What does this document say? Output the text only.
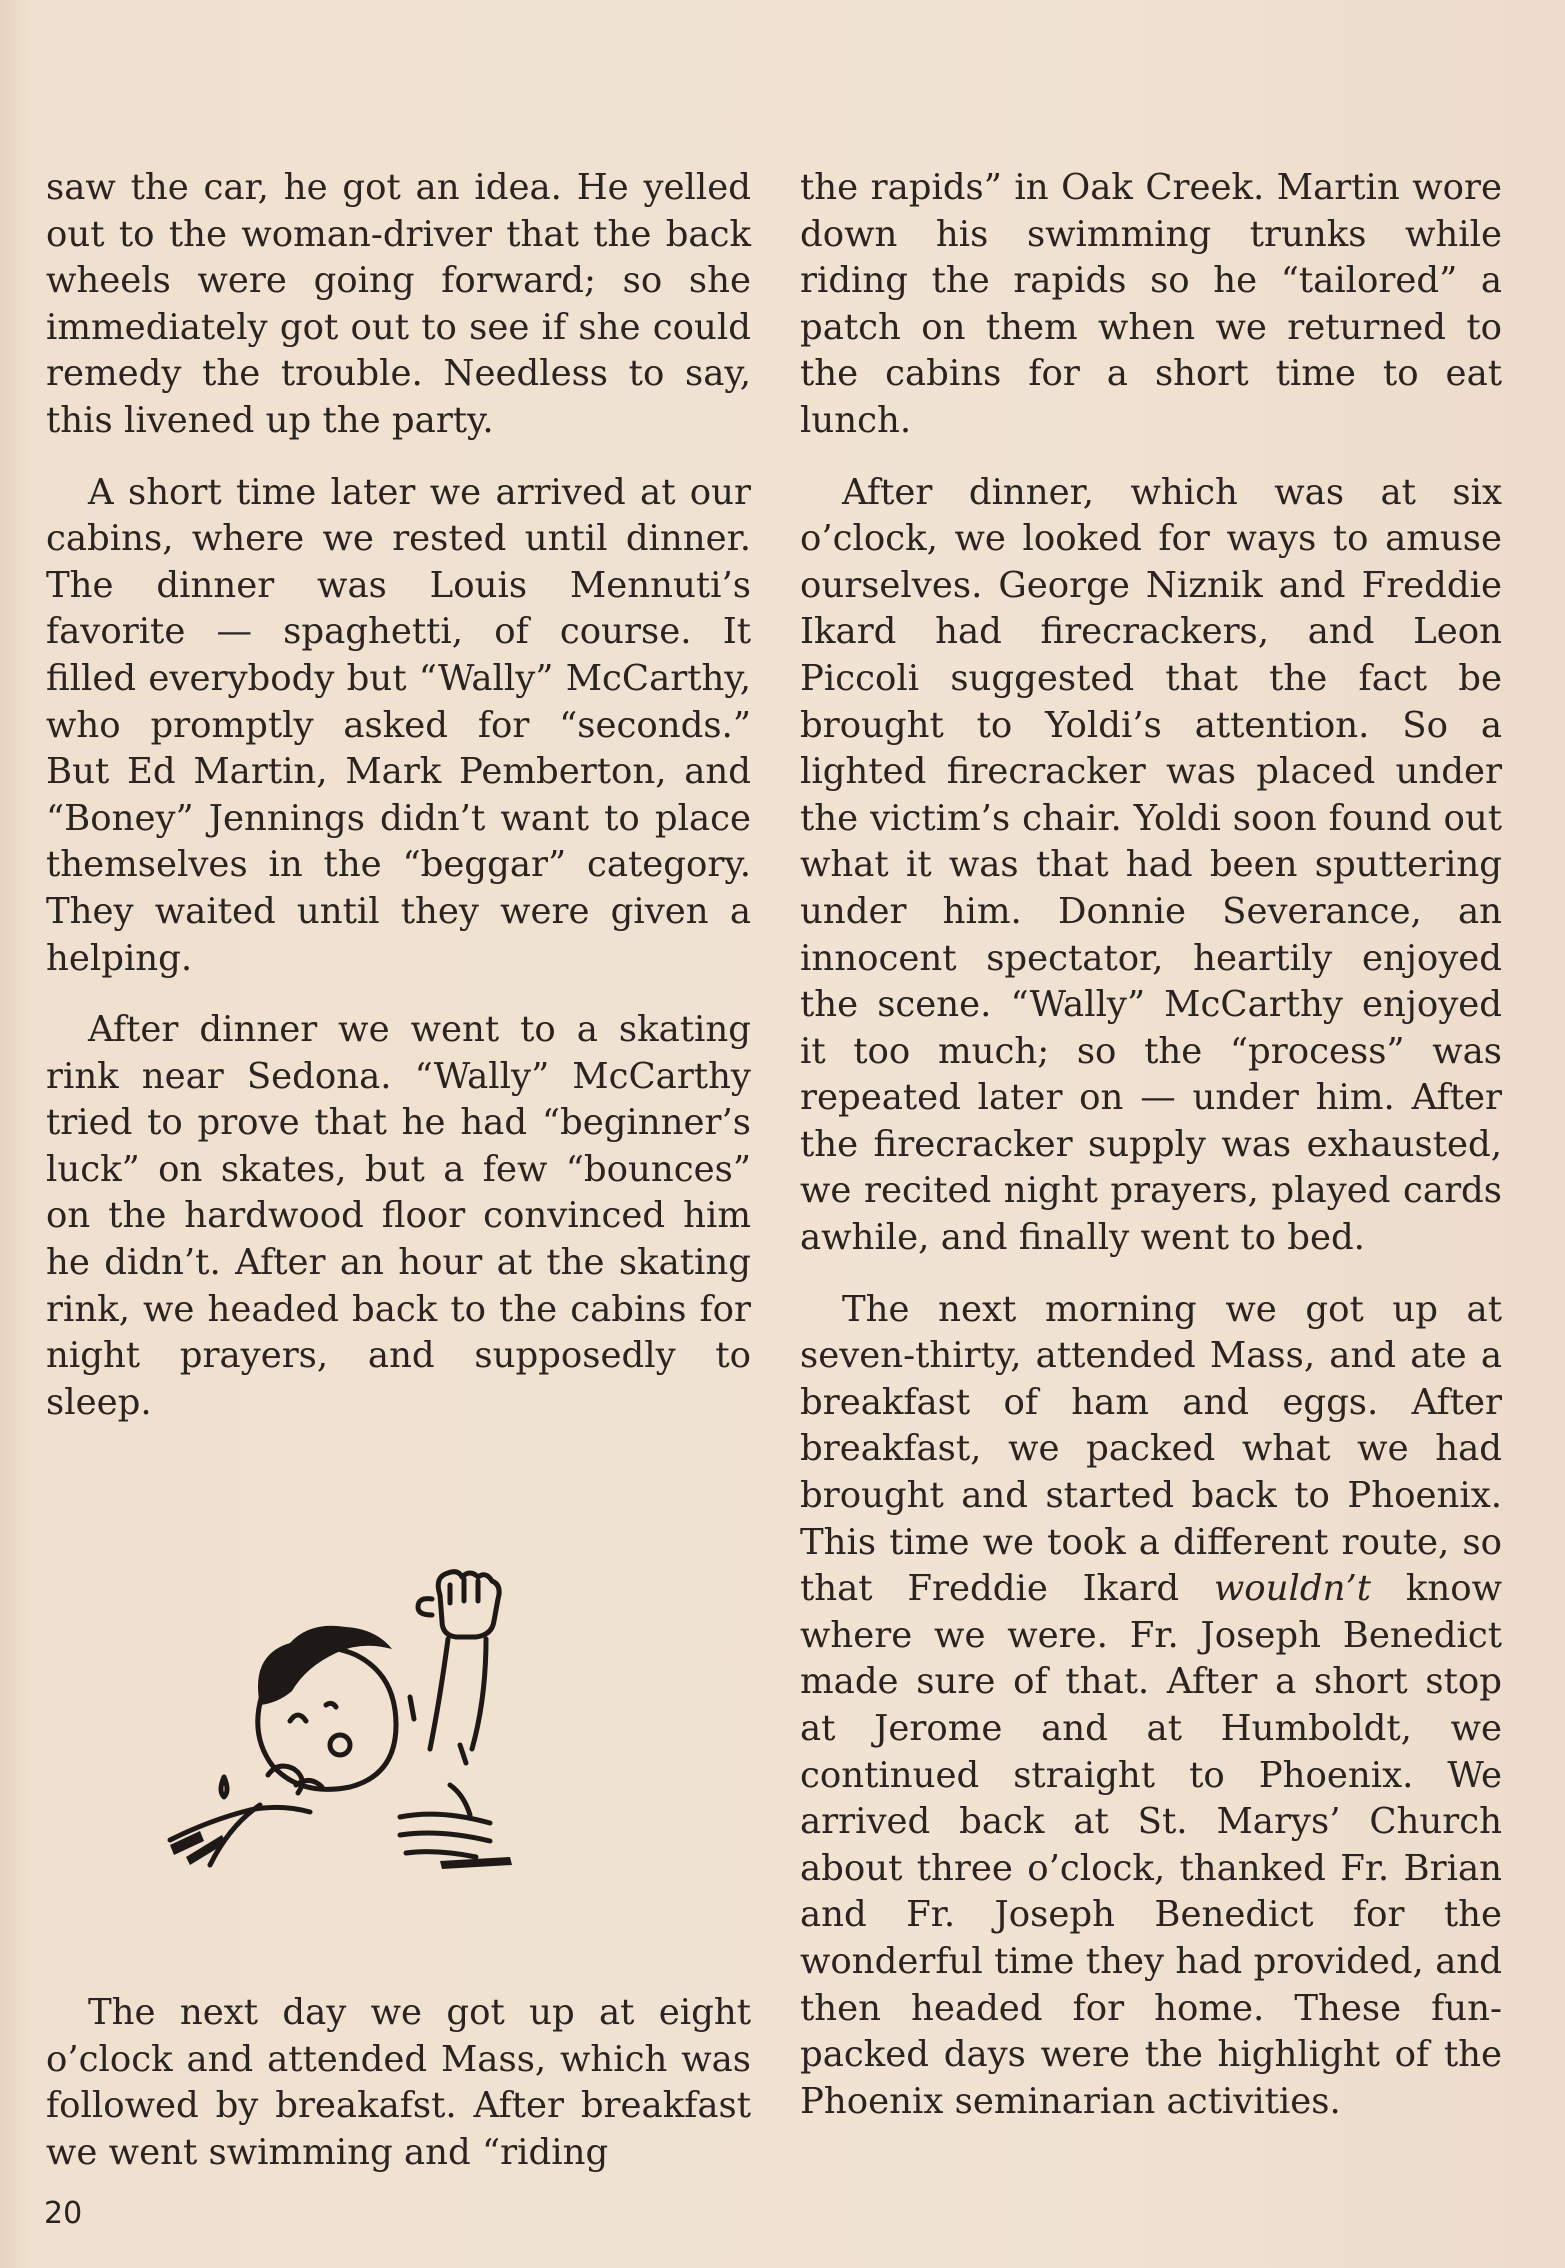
saw the car, he got an idea. He yelled out to the woman-driver that the back wheels were going forward; so she immediately got out to see if she could remedy the trouble. Needless to say, this livened up the party.

A short time later we arrived at our cabins, where we rested until dinner. The dinner was Louis Mennuti’s favorite — spaghetti, of course. It filled everybody but “Wally” McCarthy, who promptly asked for “seconds.” But Ed Martin, Mark Pemberton, and “Boney” Jennings didn’t want to place themselves in the “beggar” category. They waited until they were given a helping.

After dinner we went to a skating rink near Sedona. “Wally” McCarthy tried to prove that he had “beginner’s luck” on skates, but a few “bounces” on the hardwood floor convinced him he didn’t. After an hour at the skating rink, we headed back to the cabins for night prayers, and supposedly to sleep.

The next day we got up at eight o’clock and attended Mass, which was followed by breakafst. After breakfast we went swimming and “riding

the rapids” in Oak Creek. Martin wore down his swimming trunks while riding the rapids so he “tailored” a patch on them when we returned to the cabins for a short time to eat lunch.

After dinner, which was at six o’clock, we looked for ways to amuse ourselves. George Niznik and Freddie Ikard had firecrackers, and Leon Piccoli suggested that the fact be brought to Yoldi’s attention. So a lighted firecracker was placed under the victim’s chair. Yoldi soon found out what it was that had been sputtering under him. Donnie Severance, an innocent spectator, heartily enjoyed the scene. “Wally” McCarthy enjoyed it too much; so the “process” was repeated later on — under him. After the firecracker supply was exhausted, we recited night prayers, played cards awhile, and finally went to bed.

The next morning we got up at seven-thirty, attended Mass, and ate a breakfast of ham and eggs. After breakfast, we packed what we had brought and started back to Phoenix. This time we took a different route, so that Freddie Ikard wouldn’t know where we were. Fr. Joseph Benedict made sure of that. After a short stop at Jerome and at Humboldt, we continued straight to Phoenix. We arrived back at St. Marys’ Church about three o’clock, thanked Fr. Brian and Fr. Joseph Benedict for the wonderful time they had provided, and then headed for home. These fun-packed days were the highlight of the Phoenix seminarian activities.

20
